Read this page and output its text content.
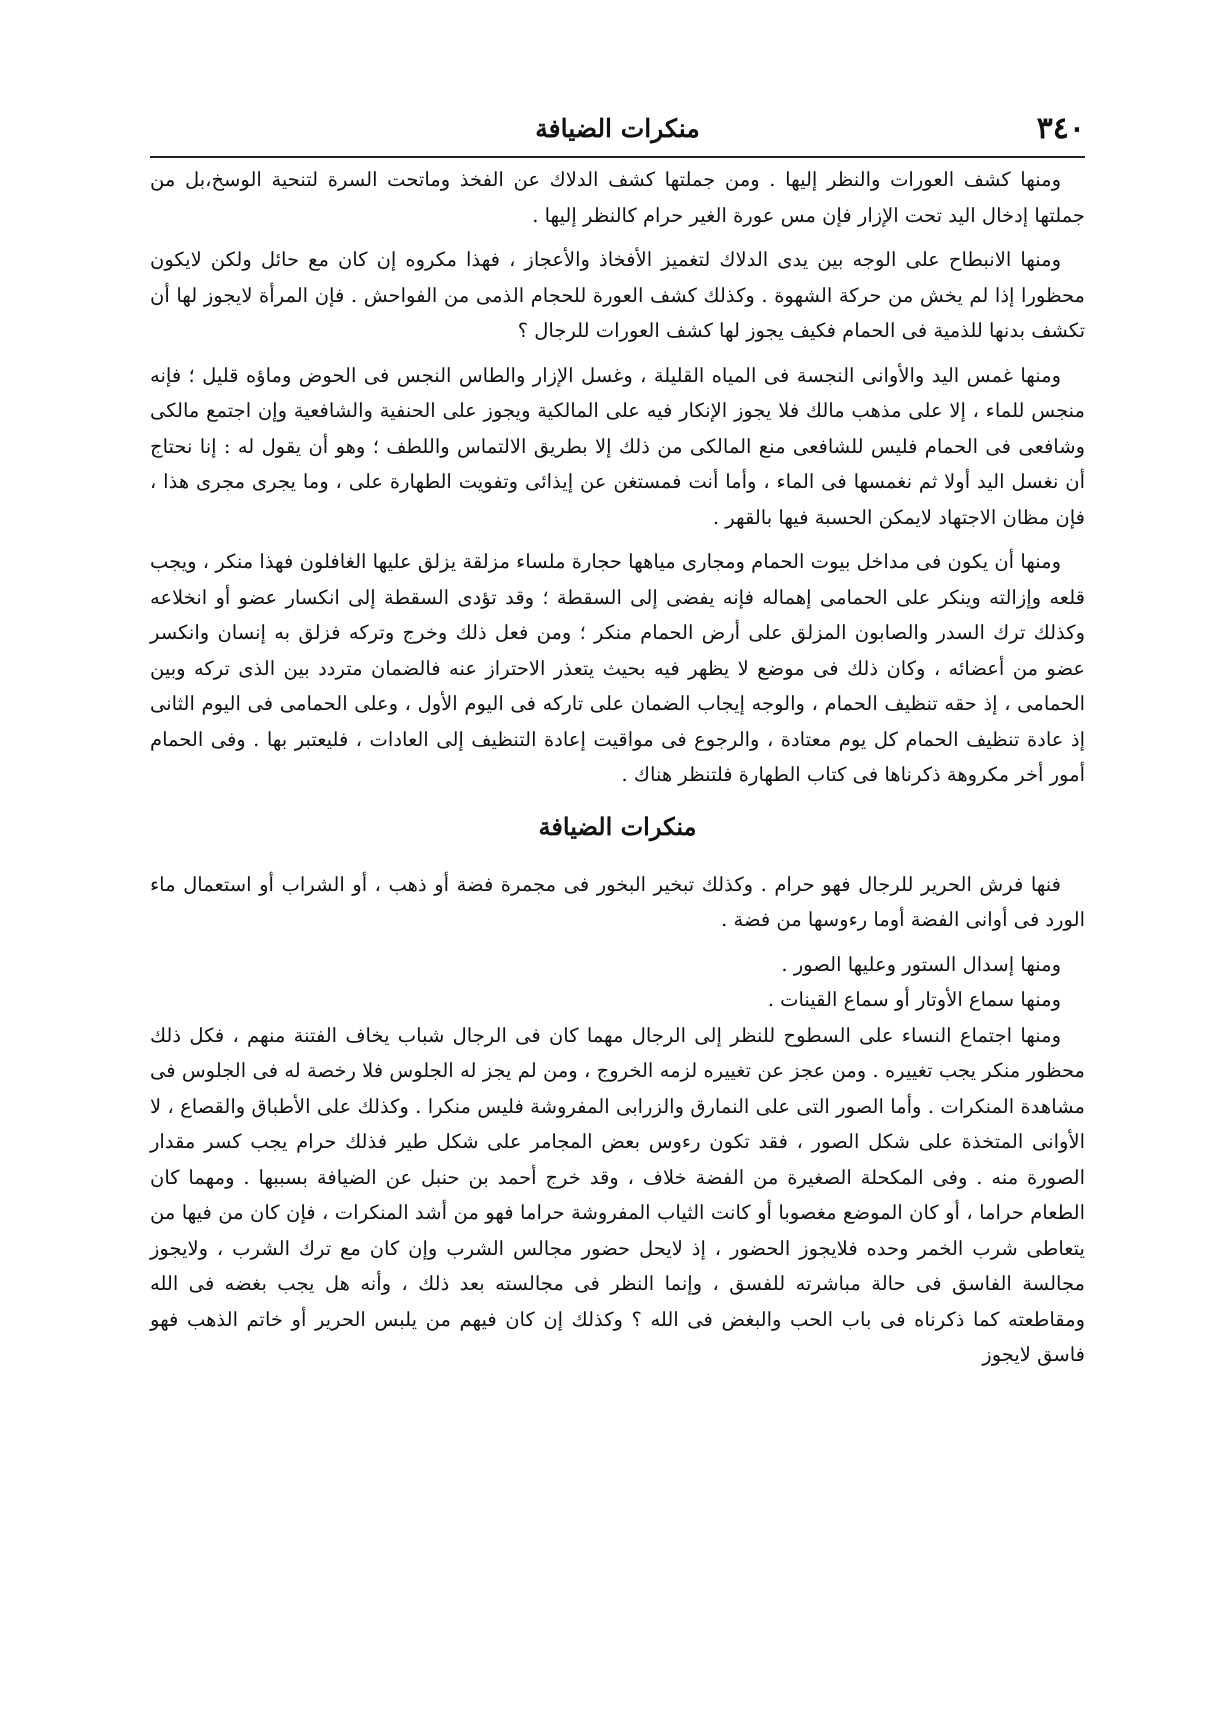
٣٤٠
منكرات الضيافة

ومنها كشف العورات والنظر إليها . ومن جملتها كشف الدلاك عن الفخذ وماتحت السرة لتنحية الوسخ،بل من جملتها إدخال اليد تحت الإزار فإن مس عورة الغير حرام كالنظر إليها .

ومنها الانبطاح على الوجه بين يدى الدلاك لتغميز الأفخاذ والأعجاز ، فهذا مكروه إن كان مع حائل ولكن لايكون محظورا إذا لم يخش من حركة الشهوة . وكذلك كشف العورة للحجام الذمى من الفواحش . فإن المرأة لايجوز لها أن تكشف بدنها للذمية فى الحمام فكيف يجوز لها كشف العورات للرجال ؟

ومنها غمس اليد والأوانى النجسة فى المياه القليلة ، وغسل الإزار والطاس النجس فى الحوض وماؤه قليل ؛ فإنه منجس للماء ، إلا على مذهب مالك فلا يجوز الإنكار فيه على المالكية ويجوز على الحنفية والشافعية وإن اجتمع مالكى وشافعى فى الحمام فليس للشافعى منع المالكى من ذلك إلا بطريق الالتماس واللطف ؛ وهو أن يقول له : إنا نحتاج أن نغسل اليد أولا ثم نغمسها فى الماء ، وأما أنت فمستغن عن إيذائى وتفويت الطهارة على ، وما يجرى مجرى هذا ، فإن مظان الاجتهاد لايمكن الحسبة فيها بالقهر .

ومنها أن يكون فى مداخل بيوت الحمام ومجارى مياهها حجارة ملساء مزلقة يزلق عليها الغافلون فهذا منكر ، ويجب قلعه وإزالته وينكر على الحمامى إهماله فإنه يفضى إلى السقطة ؛ وقد تؤدى السقطة إلى انكسار عضو أو انخلاعه وكذلك ترك السدر والصابون المزلق على أرض الحمام منكر ؛ ومن فعل ذلك وخرج وتركه فزلق به إنسان وانكسر عضو من أعضائه ، وكان ذلك فى موضع لا يظهر فيه بحيث يتعذر الاحتراز عنه فالضمان متردد بين الذى تركه وبين الحمامى ، إذ حقه تنظيف الحمام ، والوجه إيجاب الضمان على تاركه فى اليوم الأول ، وعلى الحمامى فى اليوم الثانى إذ عادة تنظيف الحمام كل يوم معتادة ، والرجوع فى مواقيت إعادة التنظيف إلى العادات ، فليعتبر بها . وفى الحمام أمور أخر مكروهة ذكرناها فى كتاب الطهارة فلتنظر هناك .

منكرات الضيافة

فنها فرش الحرير للرجال فهو حرام . وكذلك تبخير البخور فى مجمرة فضة أو ذهب ، أو الشراب أو استعمال ماء الورد فى أوانى الفضة أوما رءوسها من فضة .

ومنها إسدال الستور وعليها الصور .

ومنها سماع الأوتار أو سماع القينات .

ومنها اجتماع النساء على السطوح للنظر إلى الرجال مهما كان فى الرجال شباب يخاف الفتنة منهم ، فكل ذلك محظور منكر يجب تغييره . ومن عجز عن تغييره لزمه الخروج ، ومن لم يجز له الجلوس فلا رخصة له فى الجلوس فى مشاهدة المنكرات . وأما الصور التى على النمارق والزرابى المفروشة فليس منكرا . وكذلك على الأطباق والقصاع ، لا الأوانى المتخذة على شكل الصور ، فقد تكون رءوس بعض المجامر على شكل طير فذلك حرام يجب كسر مقدار الصورة منه . وفى المكحلة الصغيرة من الفضة خلاف ، وقد خرج أحمد بن حنبل عن الضيافة بسببها . ومهما كان الطعام حراما ، أو كان الموضع مغصوبا أو كانت الثياب المفروشة حراما فهو من أشد المنكرات ، فإن كان من فيها من يتعاطى شرب الخمر وحده فلايجوز الحضور ، إذ لايحل حضور مجالس الشرب وإن كان مع ترك الشرب ، ولايجوز مجالسة الفاسق فى حالة مباشرته للفسق ، وإنما النظر فى مجالسته بعد ذلك ، وأنه هل يجب بغضه فى الله ومقاطعته كما ذكرناه فى باب الحب والبغض فى الله ؟ وكذلك إن كان فيهم من يلبس الحرير أو خاتم الذهب فهو فاسق لايجوز
